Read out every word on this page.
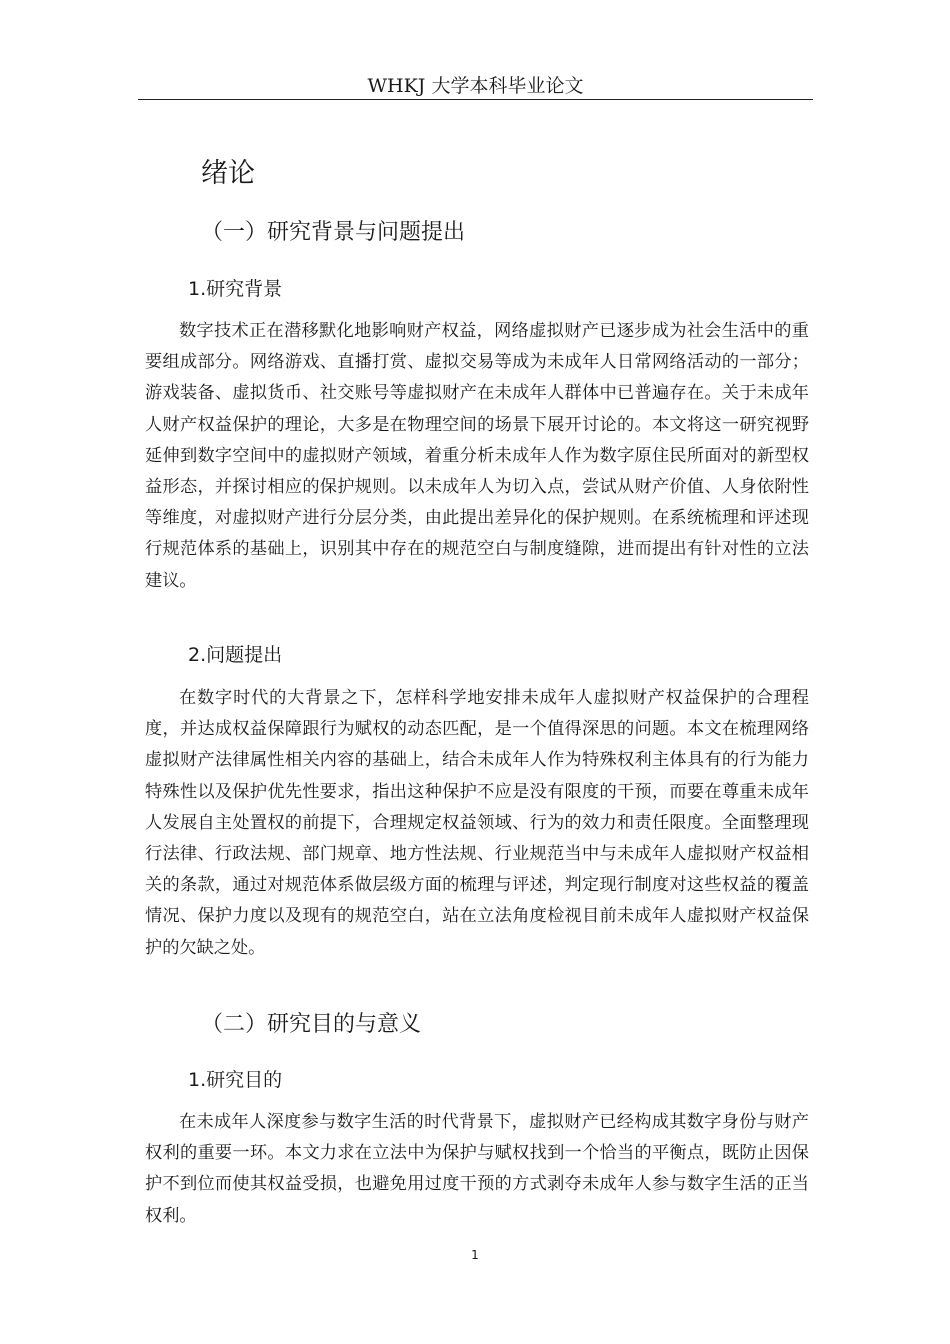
WHKJ 大学本科毕业论文
绪论
（一）研究背景与问题提出
1.研究背景

数字技术正在潜移默化地影响财产权益，网络虚拟财产已逐步成为社会生活中的重要组成部分。网络游戏、直播打赏、虚拟交易等成为未成年人日常网络活动的一部分；游戏装备、虚拟货币、社交账号等虚拟财产在未成年人群体中已普遍存在。关于未成年人财产权益保护的理论，大多是在物理空间的场景下展开讨论的。本文将这一研究视野延伸到数字空间中的虚拟财产领域，着重分析未成年人作为数字原住民所面对的新型权益形态，并探讨相应的保护规则。以未成年人为切入点，尝试从财产价值、人身依附性等维度，对虚拟财产进行分层分类，由此提出差异化的保护规则。在系统梳理和评述现行规范体系的基础上，识别其中存在的规范空白与制度缝隙，进而提出有针对性的立法建议。

2.问题提出

在数字时代的大背景之下，怎样科学地安排未成年人虚拟财产权益保护的合理程度，并达成权益保障跟行为赋权的动态匹配，是一个值得深思的问题。本文在梳理网络虚拟财产法律属性相关内容的基础上，结合未成年人作为特殊权利主体具有的行为能力特殊性以及保护优先性要求，指出这种保护不应是没有限度的干预，而要在尊重未成年人发展自主处置权的前提下，合理规定权益领域、行为的效力和责任限度。全面整理现行法律、行政法规、部门规章、地方性法规、行业规范当中与未成年人虚拟财产权益相关的条款，通过对规范体系做层级方面的梳理与评述，判定现行制度对这些权益的覆盖情况、保护力度以及现有的规范空白，站在立法角度检视目前未成年人虚拟财产权益保护的欠缺之处。

（二）研究目的与意义
1.研究目的

在未成年人深度参与数字生活的时代背景下，虚拟财产已经构成其数字身份与财产权利的重要一环。本文力求在立法中为保护与赋权找到一个恰当的平衡点，既防止因保护不到位而使其权益受损，也避免用过度干预的方式剥夺未成年人参与数字生活的正当权利。

1
